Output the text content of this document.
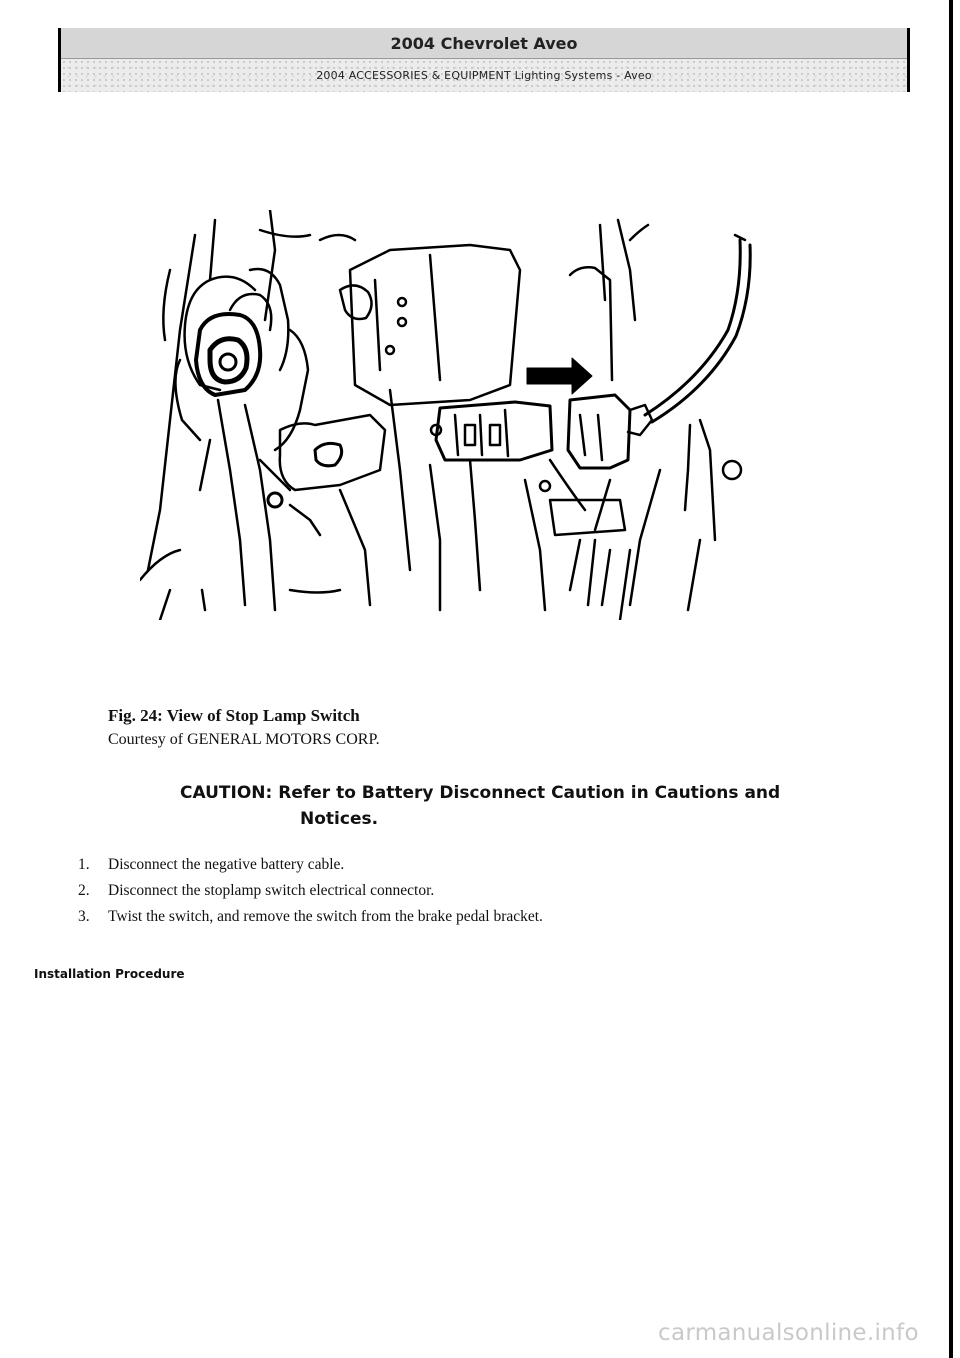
2004 Chevrolet Aveo
2004 ACCESSORIES & EQUIPMENT Lighting Systems - Aveo
Fig. 24: View of Stop Lamp Switch
Courtesy of GENERAL MOTORS CORP.
CAUTION: Refer to Battery Disconnect Caution in Cautions and
Notices.
1.	Disconnect the negative battery cable.
2.	Disconnect the stoplamp switch electrical connector.
3.	Twist the switch, and remove the switch from the brake pedal bracket.
Installation Procedure
carmanualsonline.info
